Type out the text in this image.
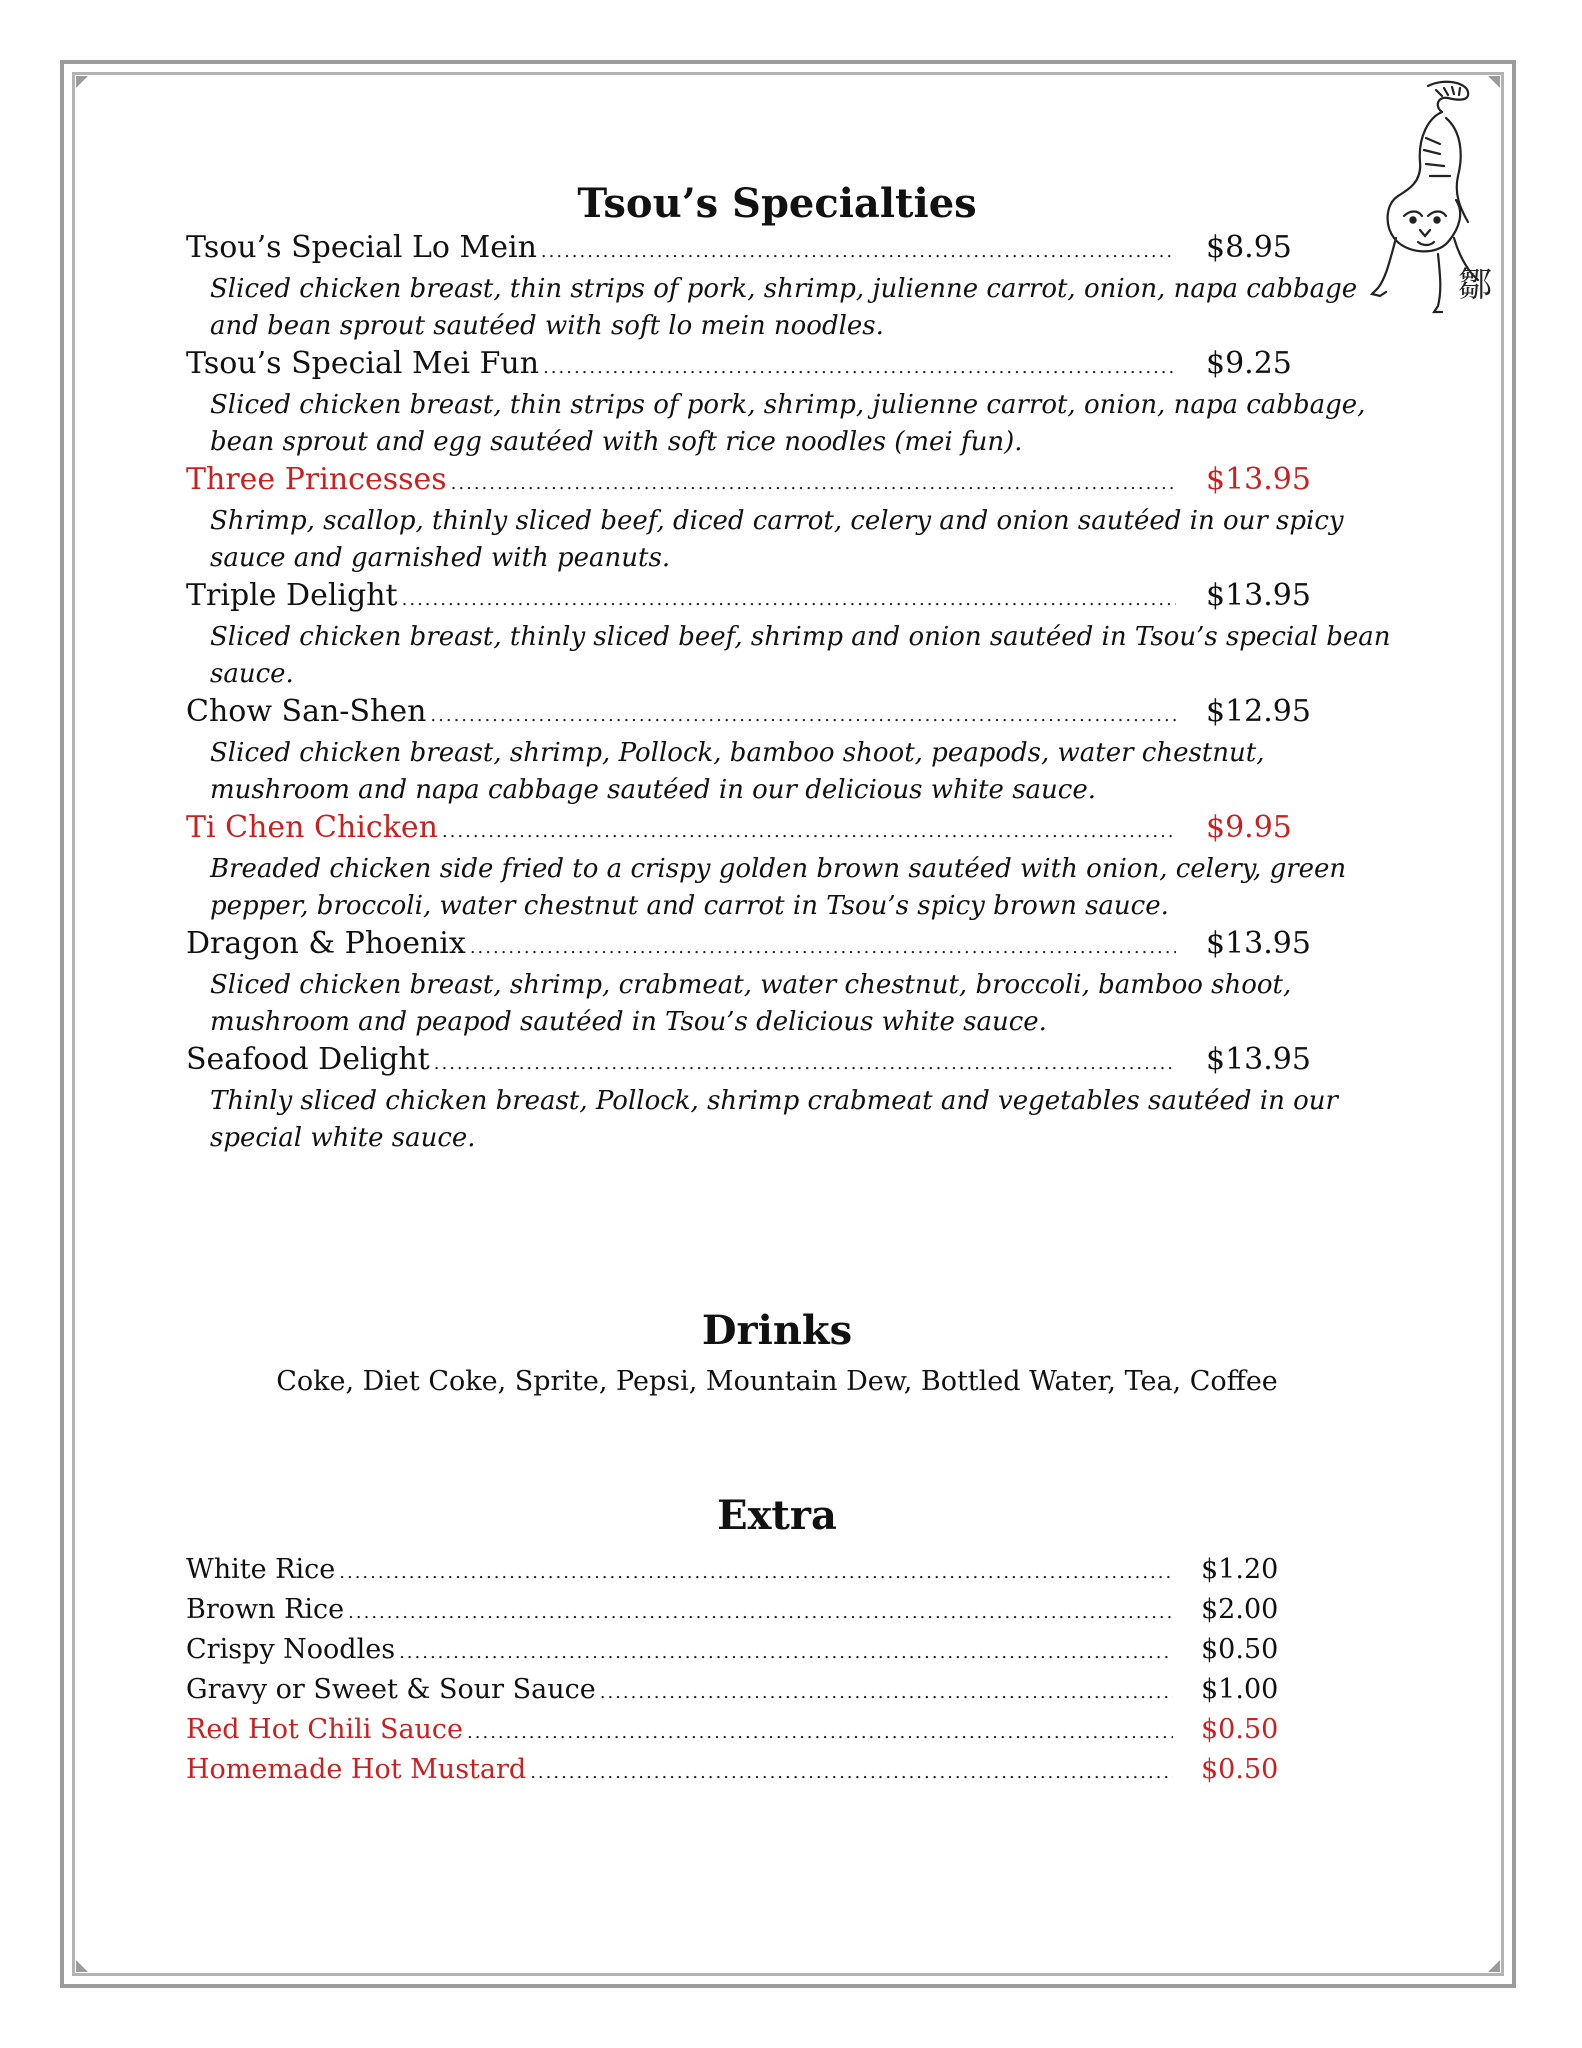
鄒
Tsou’s Specialties
Tsou’s Special Lo Mein .....	$8.95
Sliced chicken breast, thin strips of pork, shrimp, julienne carrot, onion, napa cabbage and bean sprout sautéed with soft lo mein noodles.
Tsou’s Special Mei Fun .....	$9.25
Sliced chicken breast, thin strips of pork, shrimp, julienne carrot, onion, napa cabbage, bean sprout and egg sautéed with soft rice noodles (mei fun).
Three Princesses .....	$13.95
Shrimp, scallop, thinly sliced beef, diced carrot, celery and onion sautéed in our spicy sauce and garnished with peanuts.
Triple Delight .....	$13.95
Sliced chicken breast, thinly sliced beef, shrimp and onion sautéed in Tsou’s special bean sauce.
Chow San-Shen .....	$12.95
Sliced chicken breast, shrimp, Pollock, bamboo shoot, peapods, water chestnut, mushroom and napa cabbage sautéed in our delicious white sauce.
Ti Chen Chicken .....	$9.95
Breaded chicken side fried to a crispy golden brown sautéed with onion, celery, green pepper, broccoli, water chestnut and carrot in Tsou’s spicy brown sauce.
Dragon & Phoenix .....	$13.95
Sliced chicken breast, shrimp, crabmeat, water chestnut, broccoli, bamboo shoot, mushroom and peapod sautéed in Tsou’s delicious white sauce.
Seafood Delight .....	$13.95
Thinly sliced chicken breast, Pollock, shrimp crabmeat and vegetables sautéed in our special white sauce.
Drinks
Coke, Diet Coke, Sprite, Pepsi, Mountain Dew, Bottled Water, Tea, Coffee
Extra
White Rice .....	$1.20
Brown Rice .....	$2.00
Crispy Noodles .....	$0.50
Gravy or Sweet & Sour Sauce .....	$1.00
Red Hot Chili Sauce .....	$0.50
Homemade Hot Mustard .....	$0.50
